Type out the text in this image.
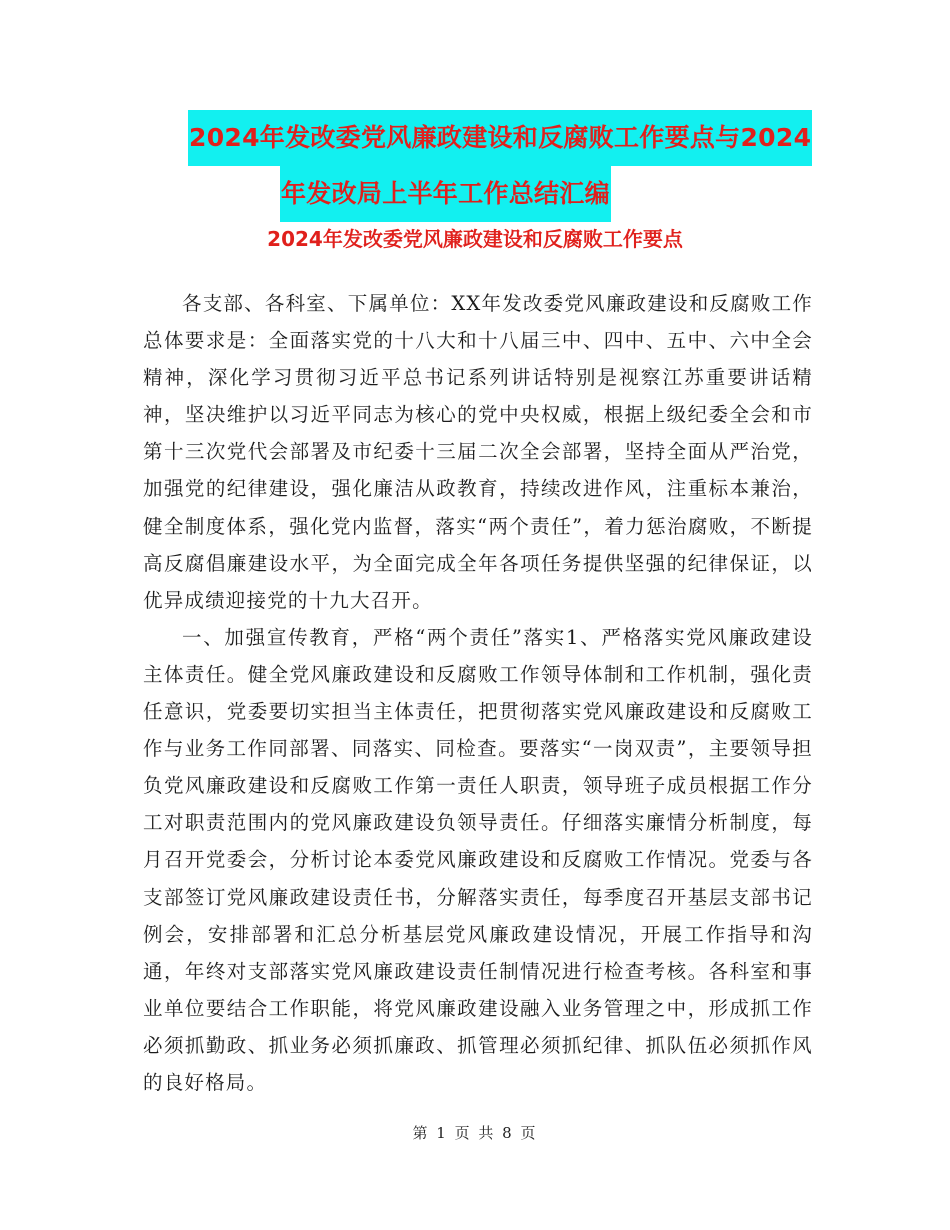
2024年发改委党风廉政建设和反腐败工作要点与2024
年发改局上半年工作总结汇编
2024年发改委党风廉政建设和反腐败工作要点

各支部、各科室、下属单位：XX年发改委党风廉政建设和反腐败工作总体要求是：全面落实党的十八大和十八届三中、四中、五中、六中全会精神，深化学习贯彻习近平总书记系列讲话特别是视察江苏重要讲话精神，坚决维护以习近平同志为核心的党中央权威，根据上级纪委全会和市第十三次党代会部署及市纪委十三届二次全会部署，坚持全面从严治党，加强党的纪律建设，强化廉洁从政教育，持续改进作风，注重标本兼治，健全制度体系，强化党内监督，落实“两个责任”，着力惩治腐败，不断提高反腐倡廉建设水平，为全面完成全年各项任务提供坚强的纪律保证，以优异成绩迎接党的十九大召开。

一、加强宣传教育，严格“两个责任”落实1、严格落实党风廉政建设主体责任。健全党风廉政建设和反腐败工作领导体制和工作机制，强化责任意识，党委要切实担当主体责任，把贯彻落实党风廉政建设和反腐败工作与业务工作同部署、同落实、同检查。要落实“一岗双责”，主要领导担负党风廉政建设和反腐败工作第一责任人职责，领导班子成员根据工作分工对职责范围内的党风廉政建设负领导责任。仔细落实廉情分析制度，每月召开党委会，分析讨论本委党风廉政建设和反腐败工作情况。党委与各支部签订党风廉政建设责任书，分解落实责任，每季度召开基层支部书记例会，安排部署和汇总分析基层党风廉政建设情况，开展工作指导和沟通，年终对支部落实党风廉政建设责任制情况进行检查考核。各科室和事业单位要结合工作职能，将党风廉政建设融入业务管理之中，形成抓工作必须抓勤政、抓业务必须抓廉政、抓管理必须抓纪律、抓队伍必须抓作风的良好格局。

第 1 页 共 8 页
